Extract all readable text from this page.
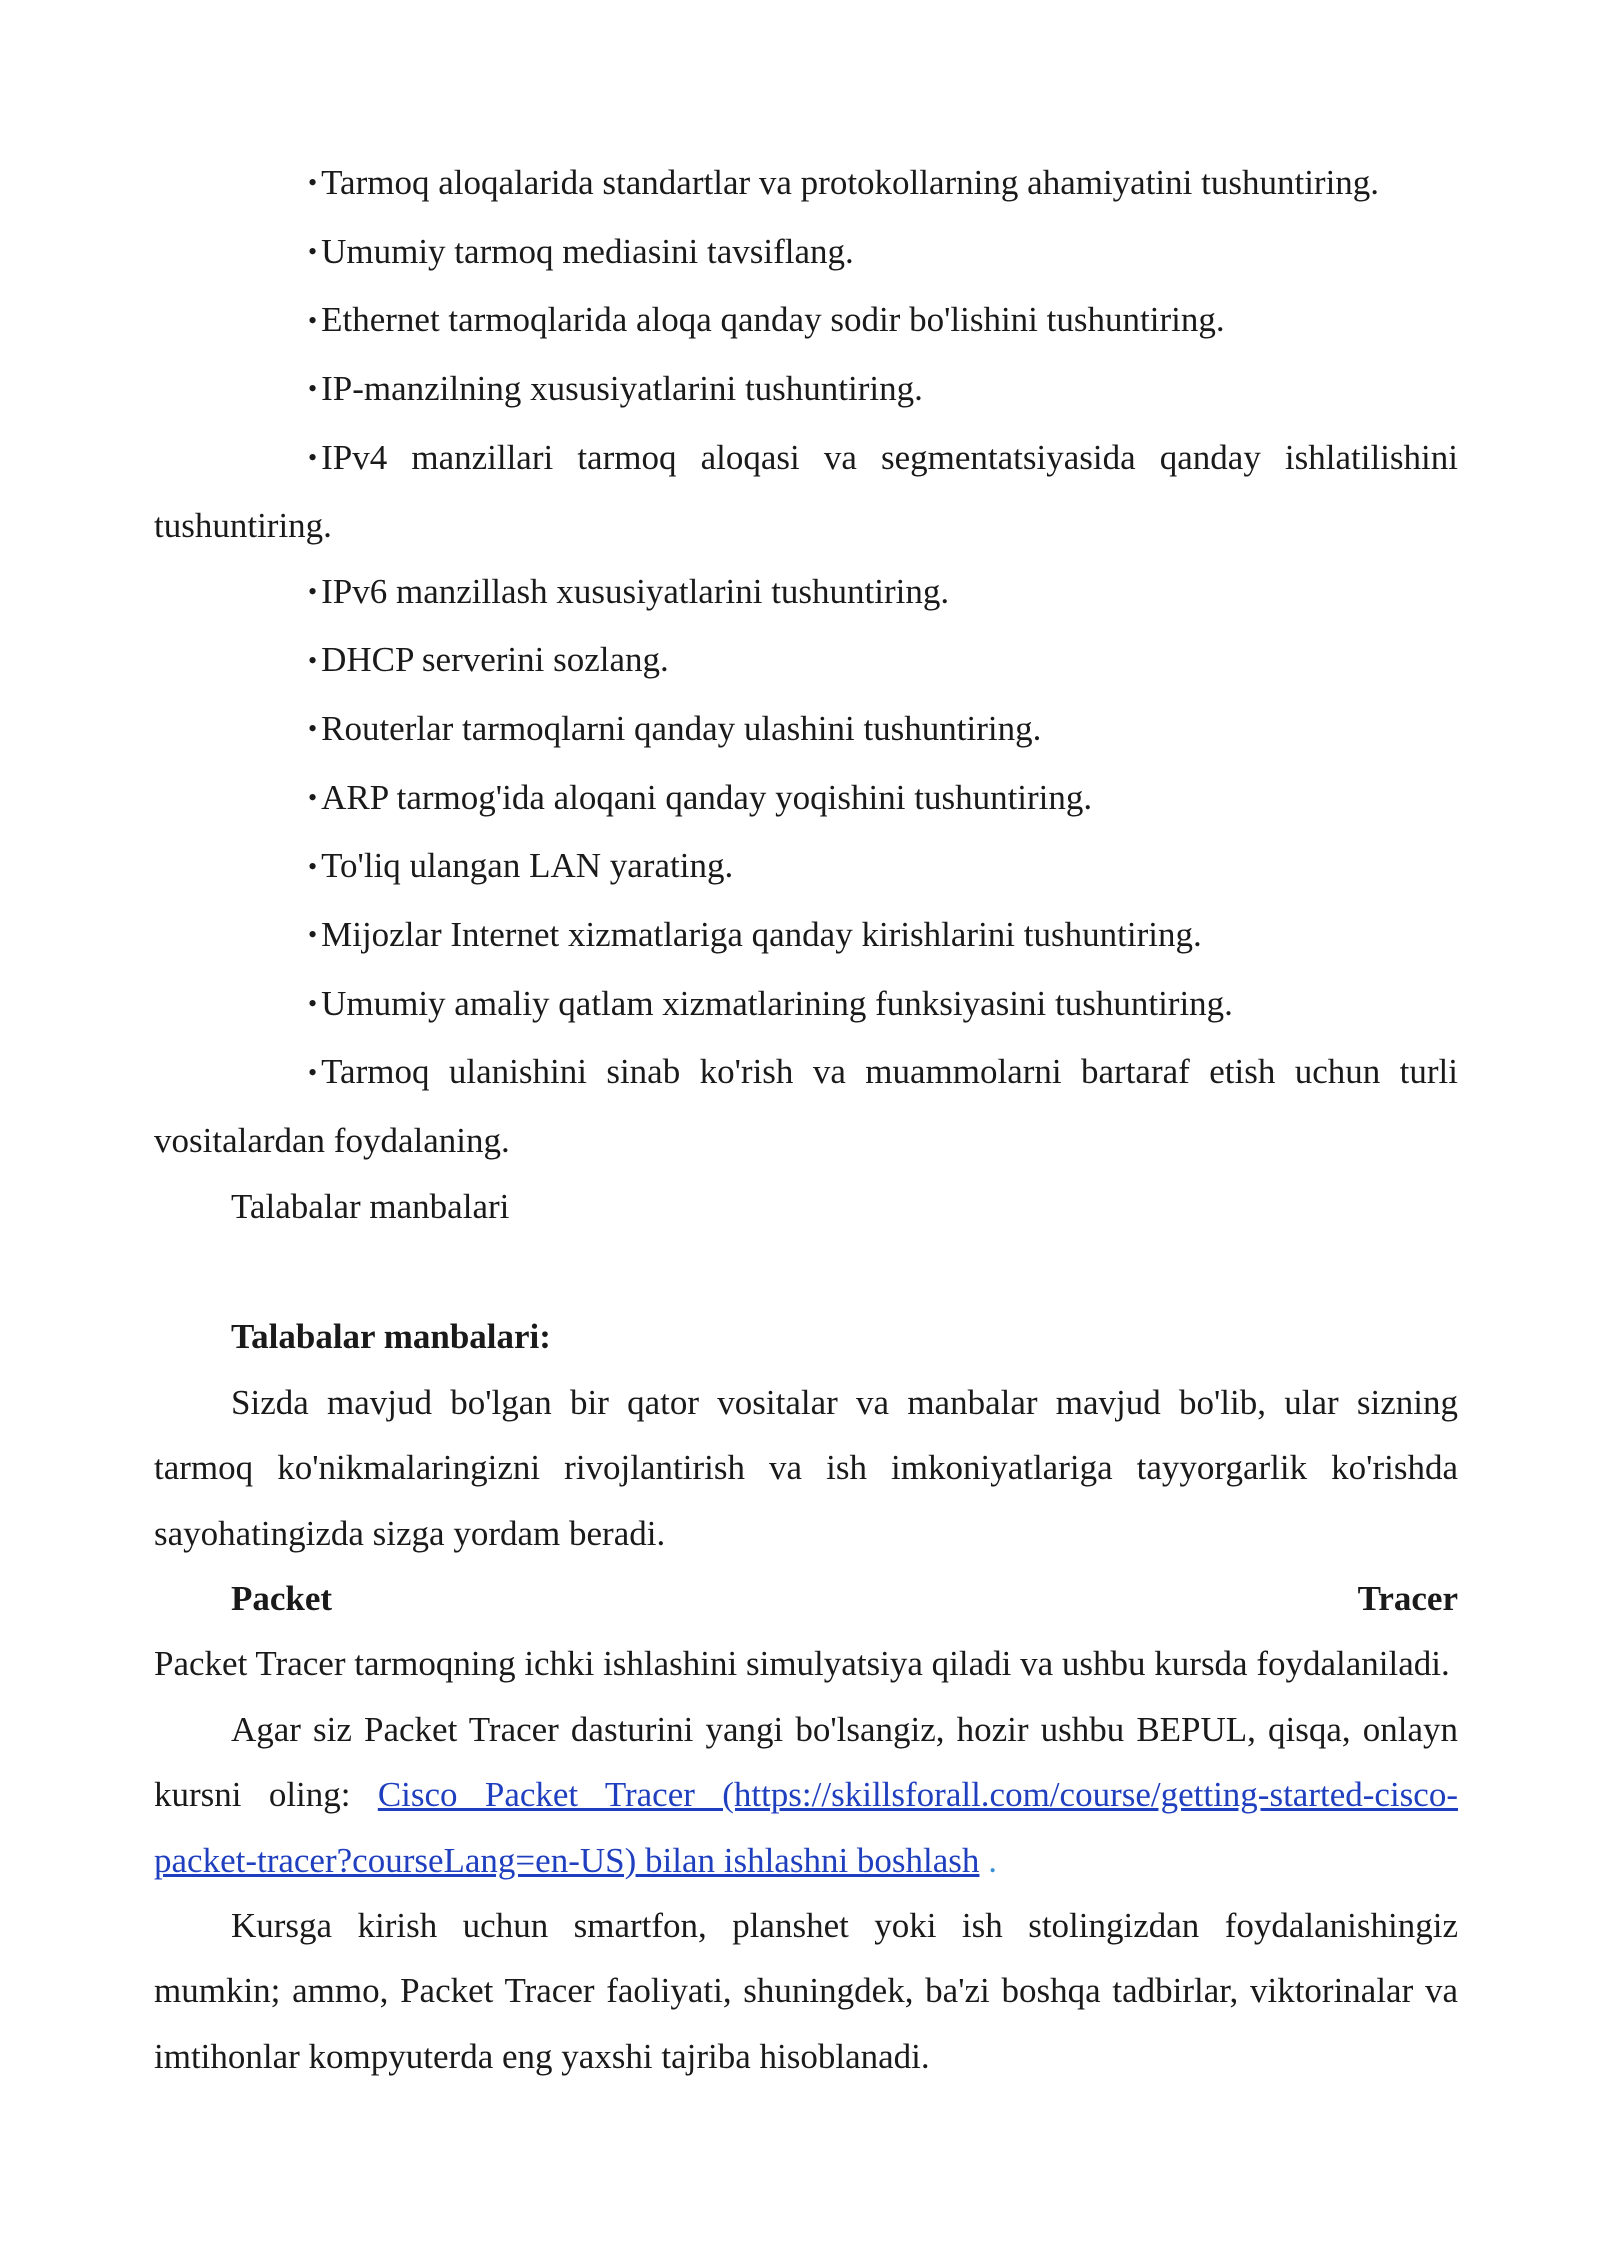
• Tarmoq aloqalarida standartlar va protokollarning ahamiyatini tushuntiring.

• Umumiy tarmoq mediasini tavsiflang.

• Ethernet tarmoqlarida aloqa qanday sodir bo'lishini tushuntiring.

• IP-manzilning xususiyatlarini tushuntiring.

• IPv4 manzillari tarmoq aloqasi va segmentatsiyasida qanday ishlatilishini tushuntiring.

• IPv6 manzillash xususiyatlarini tushuntiring.

• DHCP serverini sozlang.

• Routerlar tarmoqlarni qanday ulashini tushuntiring.

• ARP tarmog'ida aloqani qanday yoqishini tushuntiring.

• To'liq ulangan LAN yarating.

• Mijozlar Internet xizmatlariga qanday kirishlarini tushuntiring.

• Umumiy amaliy qatlam xizmatlarining funksiyasini tushuntiring.

• Tarmoq ulanishini sinab ko'rish va muammolarni bartaraf etish uchun turli vositalardan foydalaning.

Talabalar manbalari

Talabalar manbalari:

Sizda mavjud bo'lgan bir qator vositalar va manbalar mavjud bo'lib, ular sizning tarmoq ko'nikmalaringizni rivojlantirish va ish imkoniyatlariga tayyorgarlik ko'rishda sayohatingizda sizga yordam beradi.

Packet Tracer

Packet Tracer tarmoqning ichki ishlashini simulyatsiya qiladi va ushbu kursda foydalaniladi.

Agar siz Packet Tracer dasturini yangi bo'lsangiz, hozir ushbu BEPUL, qisqa, onlayn kursni oling: Cisco Packet Tracer (https://skillsforall.com/course/getting-started-cisco-packet-tracer?courseLang=en-US) bilan ishlashni boshlash .

Kursga kirish uchun smartfon, planshet yoki ish stolingizdan foydalanishingiz mumkin; ammo, Packet Tracer faoliyati, shuningdek, ba'zi boshqa tadbirlar, viktorinalar va imtihonlar kompyuterda eng yaxshi tajriba hisoblanadi.
